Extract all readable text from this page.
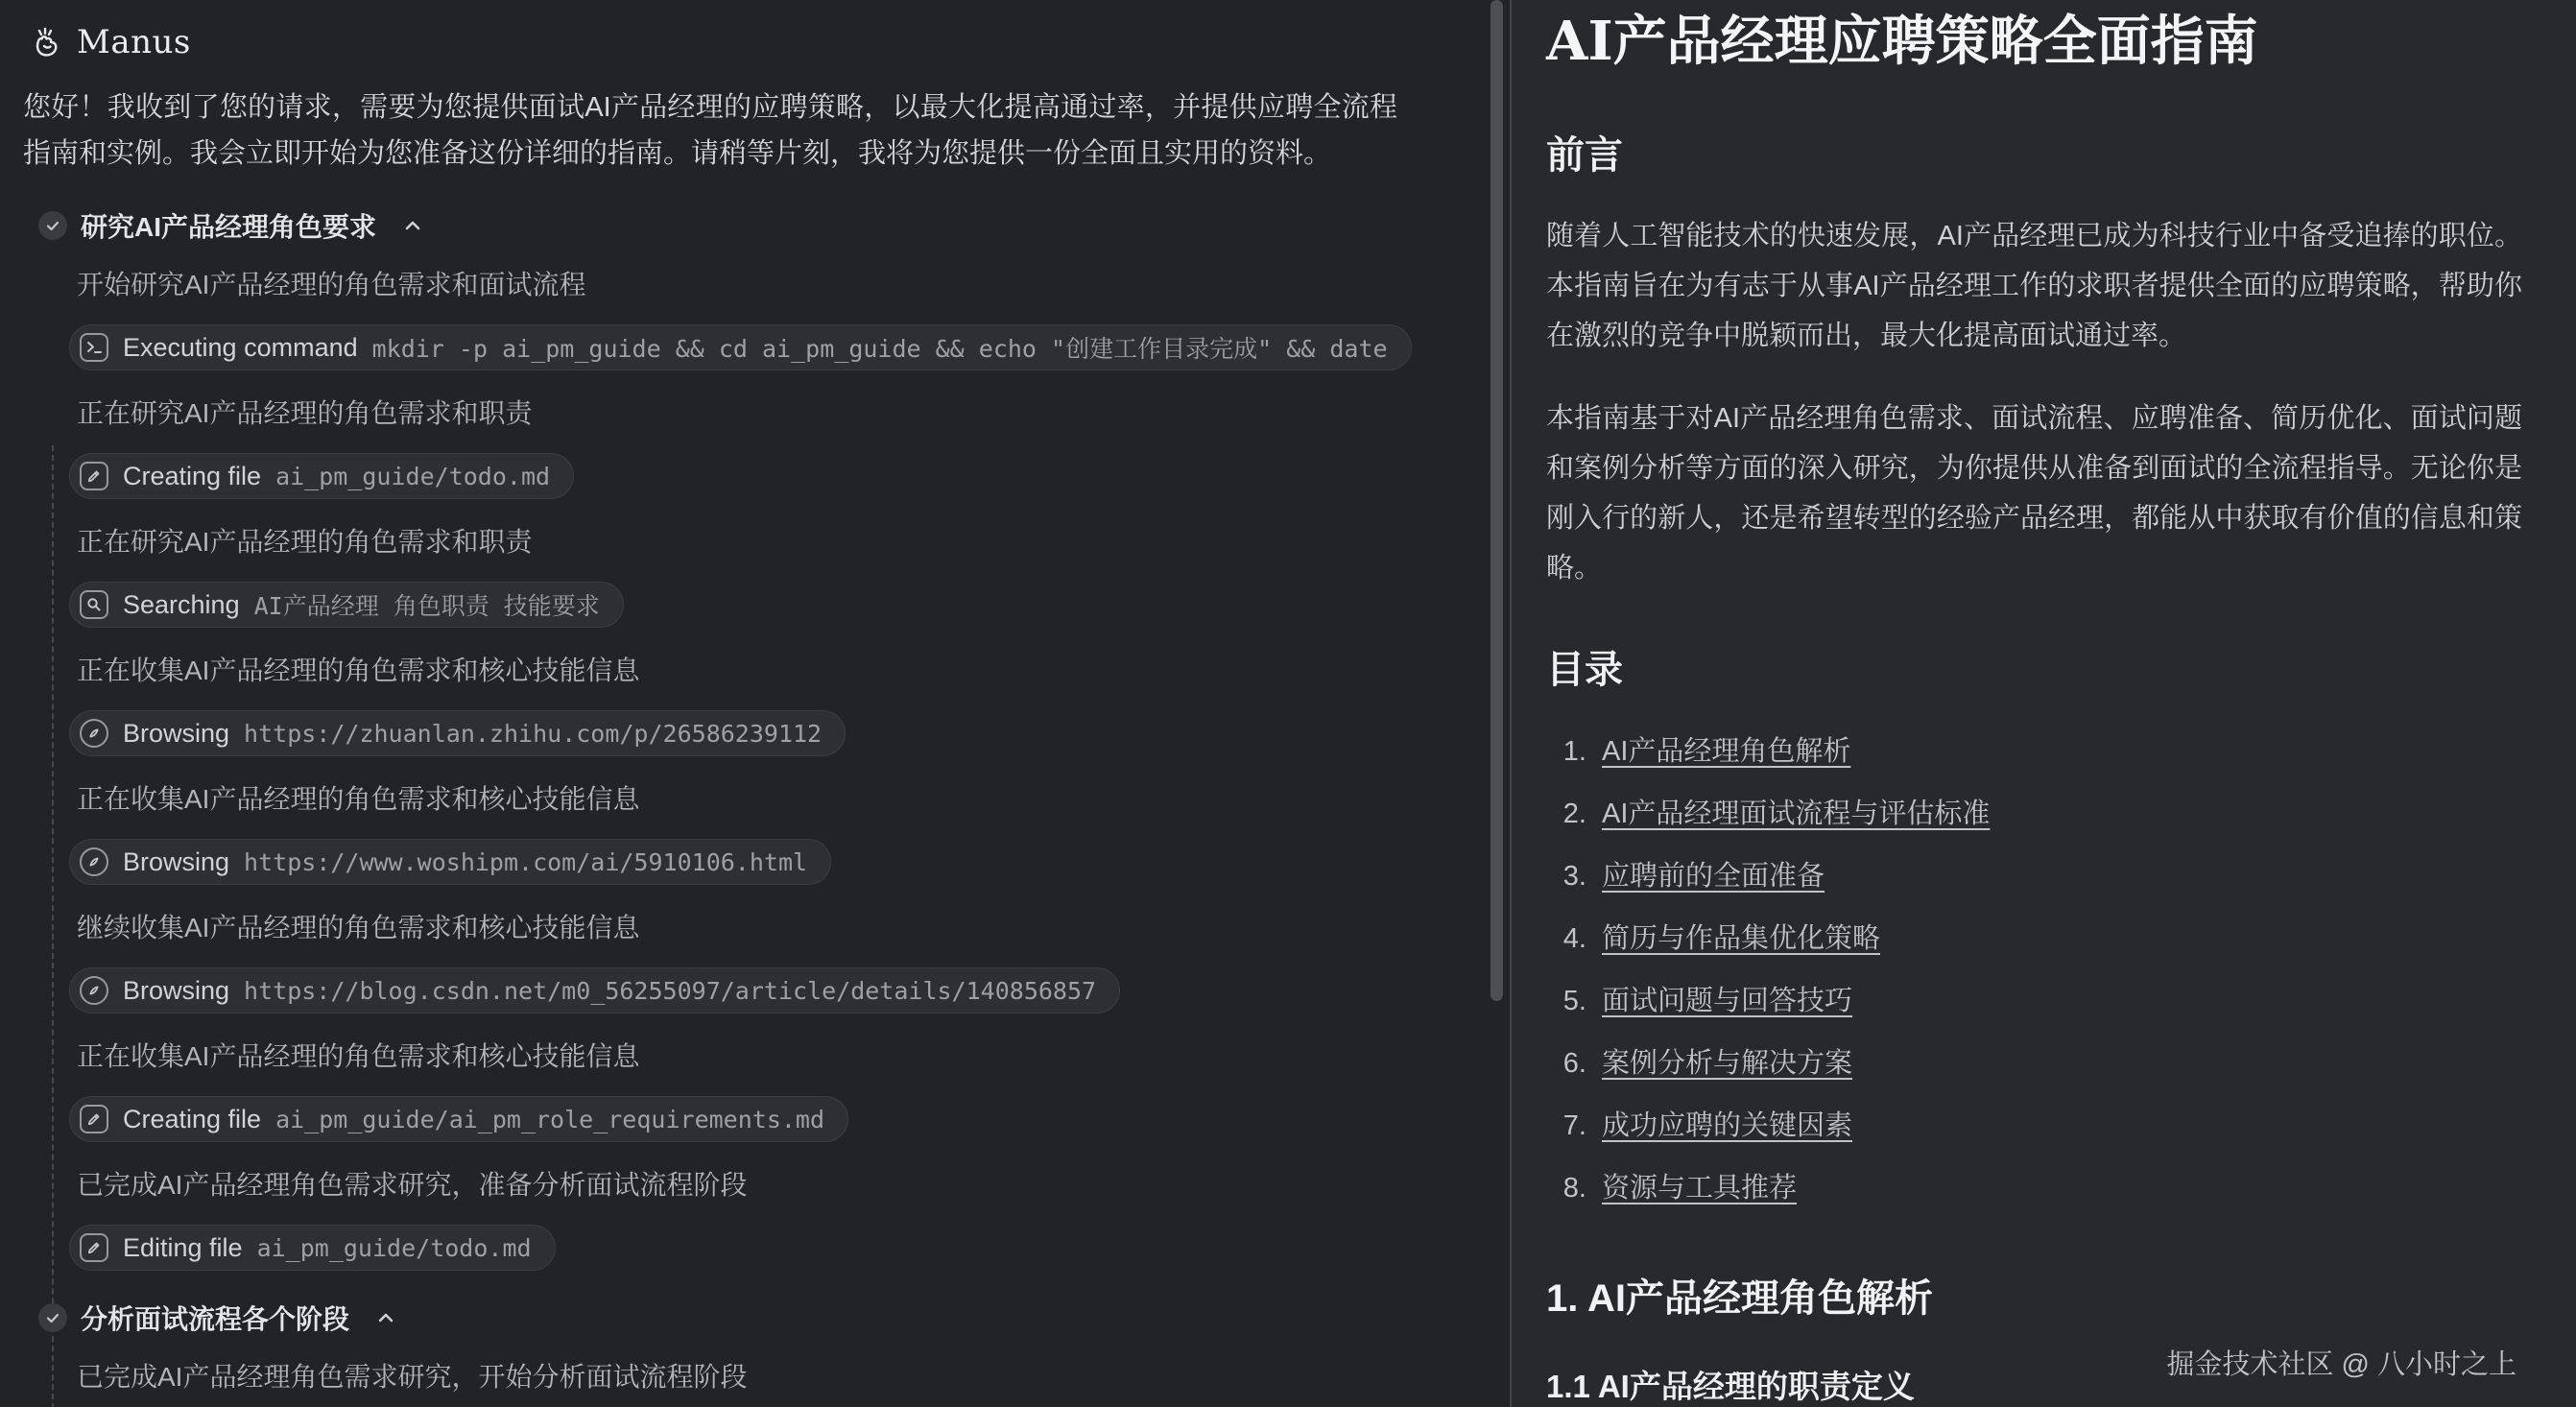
Manus

您好！我收到了您的请求，需要为您提供面试AI产品经理的应聘策略，以最大化提高通过率，并提供应聘全流程指南和实例。我会立即开始为您准备这份详细的指南。请稍等片刻，我将为您提供一份全面且实用的资料。

研究AI产品经理角色要求
开始研究AI产品经理的角色需求和面试流程
Executing command mkdir -p ai_pm_guide && cd ai_pm_guide && echo "创建工作目录完成" && date
正在研究AI产品经理的角色需求和职责
Creating file ai_pm_guide/todo.md
正在研究AI产品经理的角色需求和职责
Searching AI产品经理 角色职责 技能要求
正在收集AI产品经理的角色需求和核心技能信息
Browsing https://zhuanlan.zhihu.com/p/26586239112
正在收集AI产品经理的角色需求和核心技能信息
Browsing https://www.woshipm.com/ai/5910106.html
继续收集AI产品经理的角色需求和核心技能信息
Browsing https://blog.csdn.net/m0_56255097/article/details/140856857
正在收集AI产品经理的角色需求和核心技能信息
Creating file ai_pm_guide/ai_pm_role_requirements.md
已完成AI产品经理角色需求研究，准备分析面试流程阶段
Editing file ai_pm_guide/todo.md
分析面试流程各个阶段
已完成AI产品经理角色需求研究，开始分析面试流程阶段
AI产品经理应聘策略全面指南
前言

随着人工智能技术的快速发展，AI产品经理已成为科技行业中备受追捧的职位。本指南旨在为有志于从事AI产品经理工作的求职者提供全面的应聘策略，帮助你在激烈的竞争中脱颖而出，最大化提高面试通过率。

本指南基于对AI产品经理角色需求、面试流程、应聘准备、简历优化、面试问题和案例分析等方面的深入研究，为你提供从准备到面试的全流程指导。无论你是刚入行的新人，还是希望转型的经验产品经理，都能从中获取有价值的信息和策略。

目录
1. AI产品经理角色解析
2. AI产品经理面试流程与评估标准
3. 应聘前的全面准备
4. 简历与作品集优化策略
5. 面试问题与回答技巧
6. 案例分析与解决方案
7. 成功应聘的关键因素
8. 资源与工具推荐
1. AI产品经理角色解析
1.1 AI产品经理的职责定义
掘金技术社区 @ 八小时之上
